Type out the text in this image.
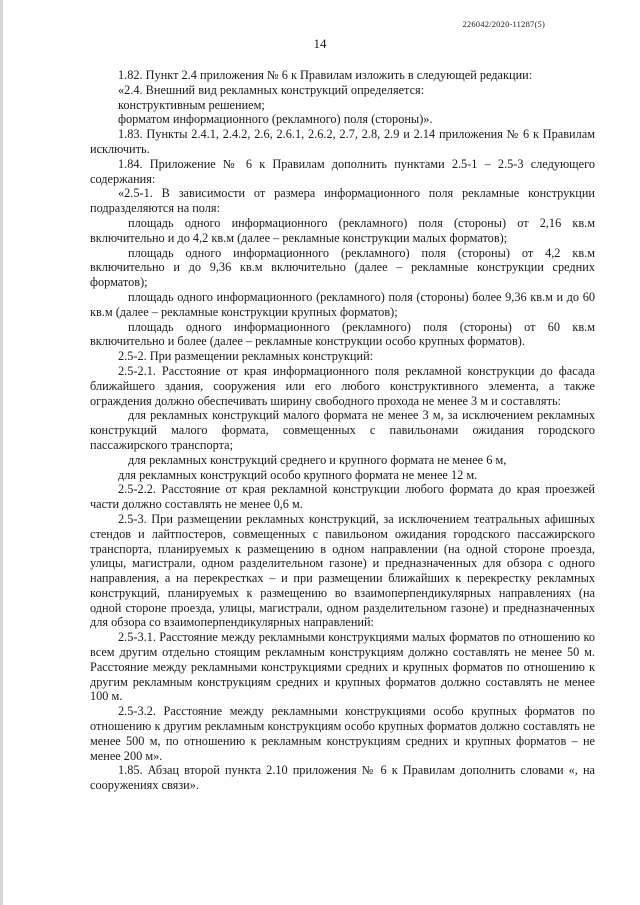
226042/2020-11287(5)
14

1.82. Пункт 2.4 приложения № 6 к Правилам изложить в следующей редакции:

«2.4. Внешний вид рекламных конструкций определяется:

конструктивным решением;

форматом информационного (рекламного) поля (стороны)».

1.83. Пункты 2.4.1, 2.4.2, 2.6, 2.6.1, 2.6.2, 2.7, 2.8, 2.9 и 2.14 приложения № 6 к Правилам исключить.

1.84. Приложение № 6 к Правилам дополнить пунктами 2.5-1 – 2.5-3 следующего содержания:

«2.5-1. В зависимости от размера информационного поля рекламные конструкции подразделяются на поля:

площадь одного информационного (рекламного) поля (стороны) от 2,16 кв.м включительно и до 4,2 кв.м (далее – рекламные конструкции малых форматов);

площадь одного информационного (рекламного) поля (стороны) от 4,2 кв.м включительно и до 9,36 кв.м включительно (далее – рекламные конструкции средних форматов);

площадь одного информационного (рекламного) поля (стороны) более 9,36 кв.м и до 60 кв.м (далее – рекламные конструкции крупных форматов);

площадь одного информационного (рекламного) поля (стороны) от 60 кв.м включительно и более (далее – рекламные конструкции особо крупных форматов).

2.5-2. При размещении рекламных конструкций:

2.5-2.1. Расстояние от края информационного поля рекламной конструкции до фасада ближайшего здания, сооружения или его любого конструктивного элемента, а также ограждения должно обеспечивать ширину свободного прохода не менее 3 м и составлять:

для рекламных конструкций малого формата не менее 3 м, за исключением рекламных конструкций малого формата, совмещенных с павильонами ожидания городского пассажирского транспорта;

для рекламных конструкций среднего и крупного формата не менее 6 м,

для рекламных конструкций особо крупного формата не менее 12 м.

2.5-2.2. Расстояние от края рекламной конструкции любого формата до края проезжей части должно составлять не менее 0,6 м.

2.5-3. При размещении рекламных конструкций, за исключением театральных афишных стендов и лайтпостеров, совмещенных с павильоном ожидания городского пассажирского транспорта, планируемых к размещению в одном направлении (на одной стороне проезда, улицы, магистрали, одном разделительном газоне) и предназначенных для обзора с одного направления, а на перекрестках – и при размещении ближайших к перекрестку рекламных конструкций, планируемых к размещению во взаимоперпендикулярных направлениях (на одной стороне проезда, улицы, магистрали, одном разделительном газоне) и предназначенных для обзора со взаимоперпендикулярных направлений:

2.5-3.1. Расстояние между рекламными конструкциями малых форматов по отношению ко всем другим отдельно стоящим рекламным конструкциям должно составлять не менее 50 м. Расстояние между рекламными конструкциями средних и крупных форматов по отношению к другим рекламным конструкциям средних и крупных форматов должно составлять не менее 100 м.

2.5-3.2. Расстояние между рекламными конструкциями особо крупных форматов по отношению к другим рекламным конструкциям особо крупных форматов должно составлять не менее 500 м, по отношению к рекламным конструкциям средних и крупных форматов – не менее 200 м».

1.85. Абзац второй пункта 2.10 приложения № 6 к Правилам дополнить словами «, на сооружениях связи».
